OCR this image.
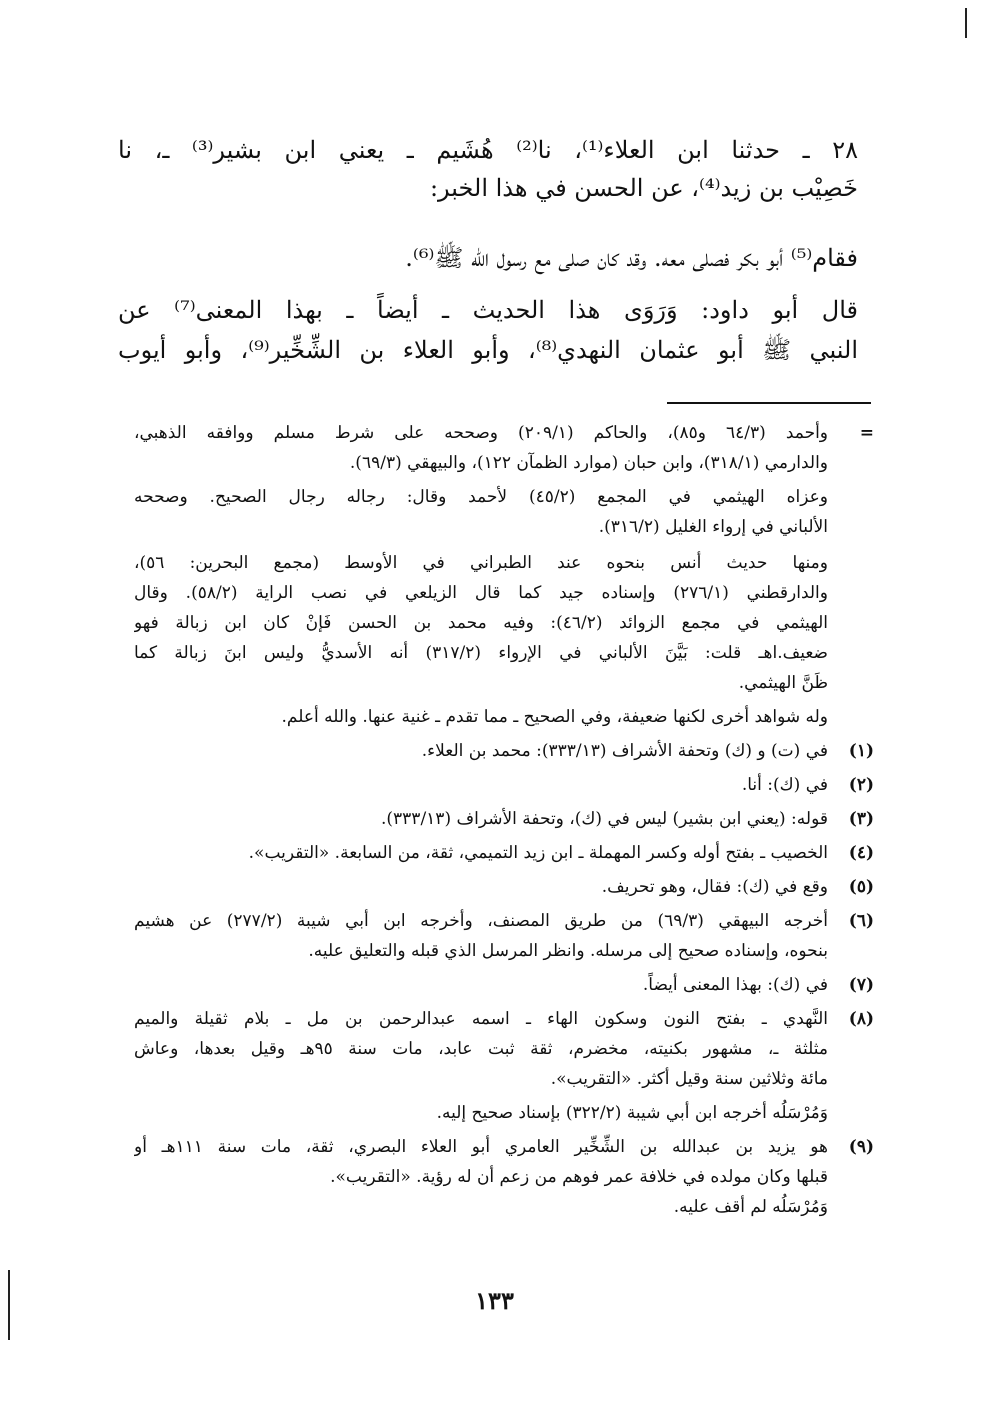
٢٨ ـ حدثنا ابن العلاء⁽¹⁾، نا⁽²⁾ هُشَيم ـ يعني ابن بشير⁽³⁾ ـ، نا
خَصِيْب بن زيد⁽⁴⁾، عن الحسن في هذا الخبر:
فقام⁽⁵⁾ أبو بكر فصلى معه. وقد كان صلى مع رسول الله ﷺ⁽⁶⁾.
قال أبو داود: وَرَوَى هذا الحديث ـ أيضاً ـ بهذا المعنى⁽⁷⁾ عن
النبي ﷺ أبو عثمان النهدي⁽⁸⁾، وأبو العلاء بن الشِّخِّير⁽⁹⁾، وأبو أيوب
=
وأحمد (٦٤/٣ و٨٥)، والحاكم (٢٠٩/١) وصححه على شرط مسلم ووافقه الذهبي،
والدارمي (٣١٨/١)، وابن حبان (موارد الظمآن ١٢٢)، والبيهقي (٦٩/٣).
وعزاه الهيثمي في المجمع (٤٥/٢) لأحمد وقال: رجاله رجال الصحيح. وصححه
الألباني في إرواء الغليل (٣١٦/٢).
ومنها حديث أنس بنحوه عند الطبراني في الأوسط (مجمع البحرين: ٥٦)،
والدارقطني (٢٧٦/١) وإسناده جيد كما قال الزيلعي في نصب الراية (٥٨/٢). وقال
الهيثمي في مجمع الزوائد (٤٦/٢): وفيه محمد بن الحسن فَإنْ كان ابن زبالة فهو
ضعيف.اهـ قلت: بَيَّنَ الألباني في الإرواء (٣١٧/٢) أنه الأسديُّ وليس ابنَ زبالة كما
ظَنَّ الهيثمي.
وله شواهد أخرى لكنها ضعيفة، وفي الصحيح ـ مما تقدم ـ غنية عنها. والله أعلم.
(١)
في (ت) و (ك) وتحفة الأشراف (٣٣٣/١٣): محمد بن العلاء.
(٢)
في (ك): أنا.
(٣)
قوله: (يعني ابن بشير) ليس في (ك)، وتحفة الأشراف (٣٣٣/١٣).
(٤)
الخصيب ـ بفتح أوله وكسر المهملة ـ ابن زيد التميمي، ثقة، من السابعة. «التقريب».
(٥)
وقع في (ك): فقال، وهو تحريف.
(٦)
أخرجه البيهقي (٦٩/٣) من طريق المصنف، وأخرجه ابن أبي شيبة (٢٧٧/٢) عن هشيم
بنحوه، وإسناده صحيح إلى مرسله. وانظر المرسل الذي قبله والتعليق عليه.
(٧)
في (ك): بهذا المعنى أيضاً.
(٨)
النَّهدي ـ بفتح النون وسكون الهاء ـ اسمه عبدالرحمن بن مل ـ بلام ثقيلة والميم
مثلثة ـ، مشهور بكنيته، مخضرم، ثقة ثبت عابد، مات سنة ٩٥هـ وقيل بعدها، وعاش
مائة وثلاثين سنة وقيل أكثر. «التقريب».
وَمُرْسَلُه أخرجه ابن أبي شيبة (٣٢٢/٢) بإسناد صحيح إليه.
(٩)
هو يزيد بن عبدالله بن الشِّخِّير العامري أبو العلاء البصري، ثقة، مات سنة ١١١هـ أو
قبلها وكان مولده في خلافة عمر فوهم من زعم أن له رؤية. «التقريب».
وَمُرْسَلُه لم أقف عليه.
١٣٣
